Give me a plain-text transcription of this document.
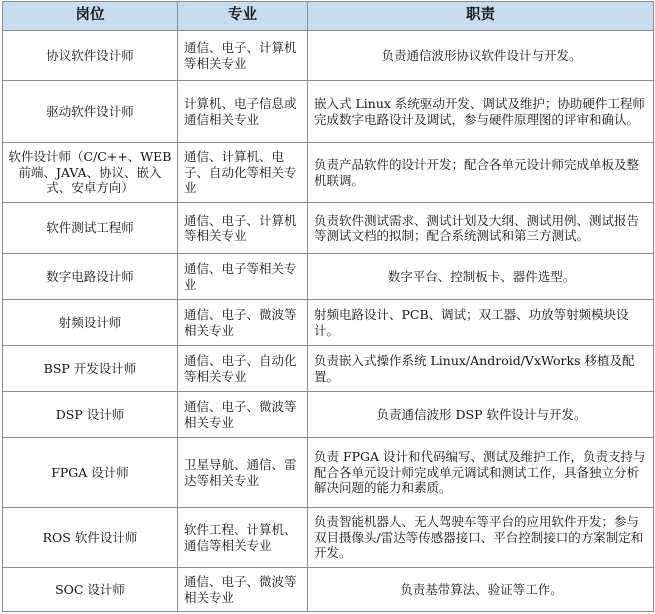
岗位	专业	职责
协议软件设计师	通信、电子、计算机等相关专业	负责通信波形协议软件设计与开发。
驱动软件设计师	计算机、电子信息或通信相关专业	嵌入式 Linux 系统驱动开发、调试及维护；协助硬件工程师完成数字电路设计及调试，参与硬件原理图的评审和确认。
软件设计师（C/C++、WEB 前端、JAVA、协议、嵌入式、安卓方向）	通信、计算机、电子、自动化等相关专业	负责产品软件的设计开发；配合各单元设计师完成单板及整机联调。
软件测试工程师	通信、电子、计算机等相关专业	负责软件测试需求、测试计划及大纲、测试用例、测试报告等测试文档的拟制；配合系统测试和第三方测试。
数字电路设计师	通信、电子等相关专业	数字平台、控制板卡、器件选型。
射频设计师	通信、电子、微波等相关专业	射频电路设计、PCB、调试；双工器、功放等射频模块设计。
BSP 开发设计师	通信、电子、自动化等相关专业	负责嵌入式操作系统 Linux/Android/VxWorks 移植及配置。
DSP 设计师	通信、电子、微波等相关专业	负责通信波形 DSP 软件设计与开发。
FPGA 设计师	卫星导航、通信、雷达等相关专业	负责 FPGA 设计和代码编写、测试及维护工作，负责支持与配合各单元设计师完成单元调试和测试工作，具备独立分析解决问题的能力和素质。
ROS 软件设计师	软件工程、计算机、通信等相关专业	负责智能机器人、无人驾驶车等平台的应用软件开发；参与双目摄像头/雷达等传感器接口、平台控制接口的方案制定和开发。
SOC 设计师	通信、电子、微波等相关专业	负责基带算法、验证等工作。
